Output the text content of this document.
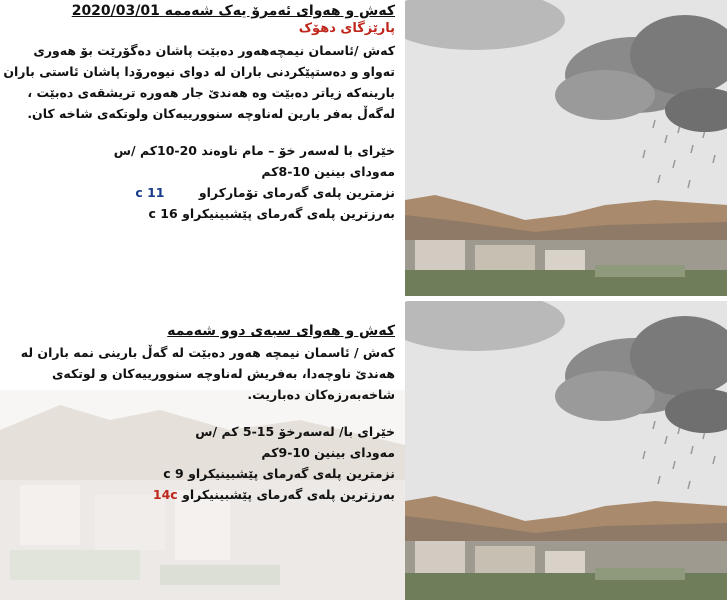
کەش و هەوای ئەمرۆ یەک شەممە 2020/03/01
پارێزگای دهۆک
کەش /ئاسمان نیمچەهەور دەبێت پاشان دەگۆرێت بۆ هەوری تەواو و دەستپێکردنی باران لە دوای نیوەرۆدا پاشان ئاستی باران بارینەکە زیاتر دەبێت وە هەندێ جار هەوره تریشقەی دەبێت ، لەگەڵ بەفر بارین لەناوچە سنوورییەکان ولوتکەی شاخە کان.
خێرای با لەسەر خۆ – مام ناوەند 10-20کم /س
مەودای بینین 8-10کم
نزمترین پلەی گەرمای تۆمارکراو 11 c
بەرزترین پلەی گەرمای پێشبینیکراو 16 c
کەش و هەوای سبەی دوو شەممە
کەش / ئاسمان نیمچە هەور دەبێت لە گەڵ بارینی نمە باران لە هەندێ ناوچەدا، بەفریش لەناوچە سنوورییەکان و لوتکەی شاخەبەرزەکان دەباریت.
خێرای با/ لەسەرخۆ 5-15 کم /س
مەودای بینین 9-10کم
نزمترین پلەی گەرمای پێشبینیکراو 9 c
بەرزترین پلەی گەرمای پێشبینیکراو 14c
